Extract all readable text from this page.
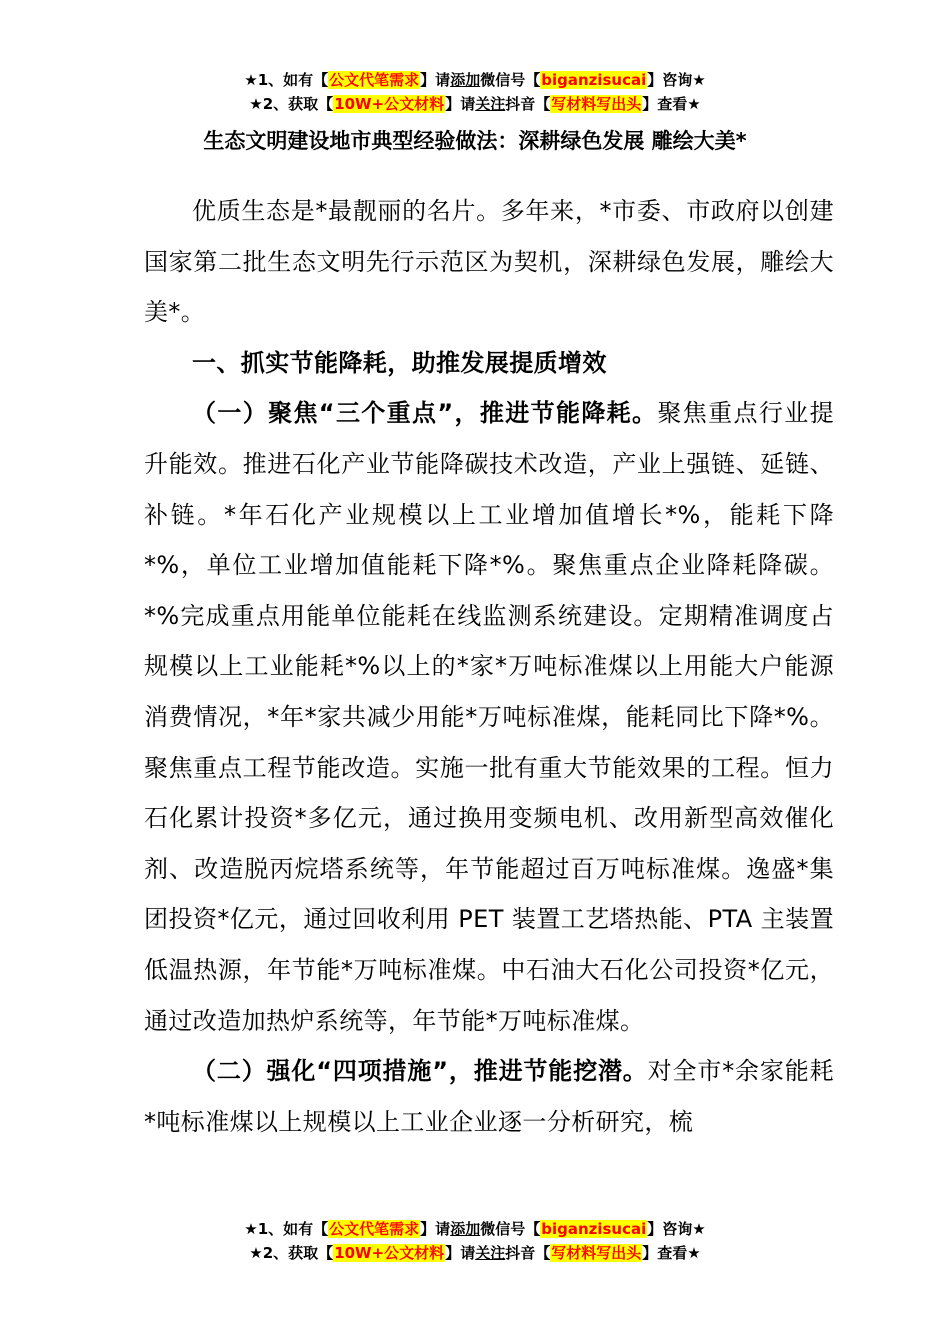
★1、如有【公文代笔需求】请添加微信号【biganzisucai】咨询★
★2、获取【10W+公文材料】请关注抖音【写材料写出头】查看★
生态文明建设地市典型经验做法：深耕绿色发展 雕绘大美*

优质生态是*最靓丽的名片。多年来，*市委、市政府以创建国家第二批生态文明先行示范区为契机，深耕绿色发展，雕绘大美*。

一、抓实节能降耗，助推发展提质增效

（一）聚焦“三个重点”，推进节能降耗。聚焦重点行业提升能效。推进石化产业节能降碳技术改造，产业上强链、延链、补链。*年石化产业规模以上工业增加值增长*%，能耗下降*%，单位工业增加值能耗下降*%。聚焦重点企业降耗降碳。*%完成重点用能单位能耗在线监测系统建设。定期精准调度占规模以上工业能耗*%以上的*家*万吨标准煤以上用能大户能源消费情况，*年*家共减少用能*万吨标准煤，能耗同比下降*%。聚焦重点工程节能改造。实施一批有重大节能效果的工程。恒力石化累计投资*多亿元，通过换用变频电机、改用新型高效催化剂、改造脱丙烷塔系统等，年节能超过百万吨标准煤。逸盛*集团投资*亿元，通过回收利用 PET 装置工艺塔热能、PTA 主装置低温热源，年节能*万吨标准煤。中石油大石化公司投资*亿元，通过改造加热炉系统等，年节能*万吨标准煤。

（二）强化“四项措施”，推进节能挖潜。对全市*余家能耗*吨标准煤以上规模以上工业企业逐一分析研究，梳

★1、如有【公文代笔需求】请添加微信号【biganzisucai】咨询★
★2、获取【10W+公文材料】请关注抖音【写材料写出头】查看★
